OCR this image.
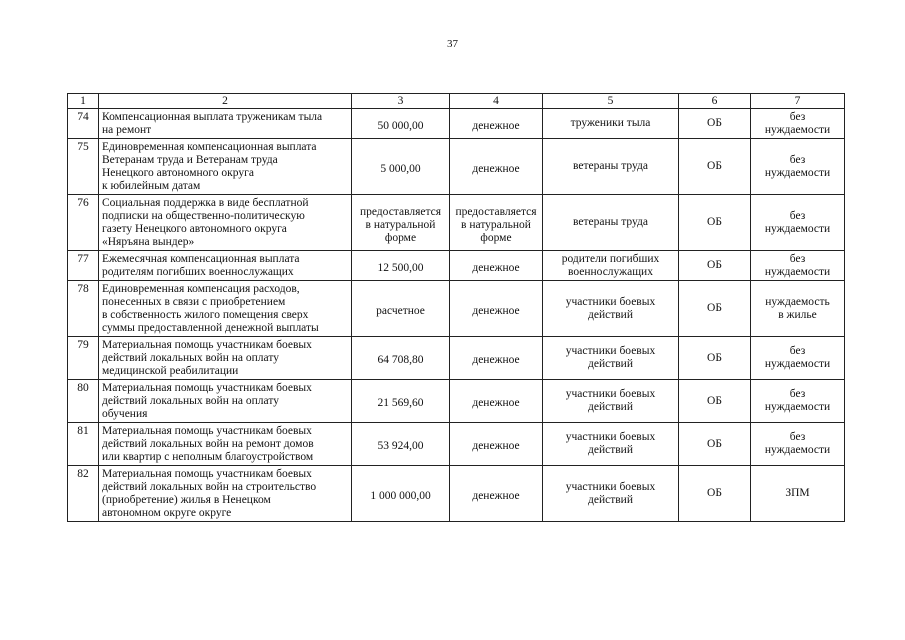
37
1	2	3	4	5	6	7
74	Компенсационная выплата труженикам тыла
на ремонт	50 000,00	денежное	труженики тыла	ОБ	без
нуждаемости
75	Единовременная компенсационная выплата
Ветеранам труда и Ветеранам труда
Ненецкого автономного округа
к юбилейным датам	5 000,00	денежное	ветераны труда	ОБ	без
нуждаемости
76	Социальная поддержка в виде бесплатной
подписки на общественно-политическую
газету Ненецкого автономного округа
«Няръяна вындер»	предоставляется
в натуральной
форме	предоставляется
в натуральной
форме	ветераны труда	ОБ	без
нуждаемости
77	Ежемесячная компенсационная выплата
родителям погибших военнослужащих	12 500,00	денежное	родители погибших
военнослужащих	ОБ	без
нуждаемости
78	Единовременная компенсация расходов,
понесенных в связи с приобретением
в собственность жилого помещения сверх
суммы предоставленной денежной выплаты	расчетное	денежное	участники боевых
действий	ОБ	нуждаемость
в жилье
79	Материальная помощь участникам боевых
действий локальных войн на оплату
медицинской реабилитации	64 708,80	денежное	участники боевых
действий	ОБ	без
нуждаемости
80	Материальная помощь участникам боевых
действий локальных войн на оплату
обучения	21 569,60	денежное	участники боевых
действий	ОБ	без
нуждаемости
81	Материальная помощь участникам боевых
действий локальных войн на ремонт домов
или квартир с неполным благоустройством	53 924,00	денежное	участники боевых
действий	ОБ	без
нуждаемости
82	Материальная помощь участникам боевых
действий локальных войн на строительство
(приобретение) жилья в Ненецком
автономном округе округе	1 000 000,00	денежное	участники боевых
действий	ОБ	ЗПМ
